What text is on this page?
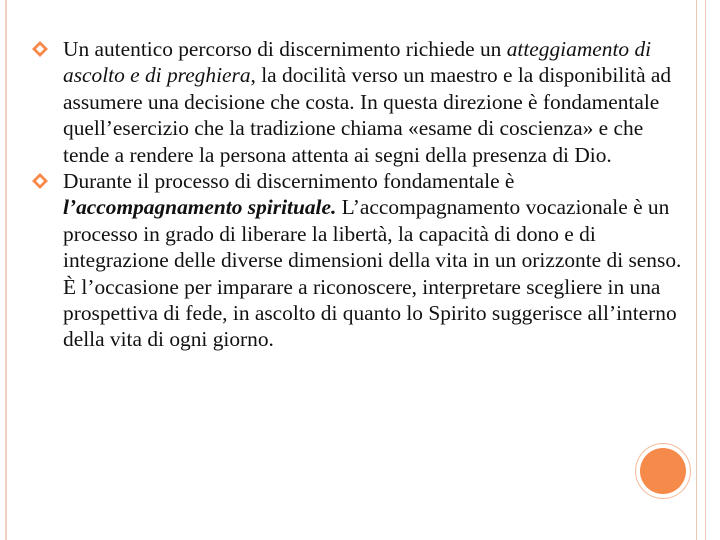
Un autentico percorso di discernimento richiede un atteggiamento di ascolto e di preghiera, la docilità verso un maestro e la disponibilità ad assumere una decisione che costa. In questa direzione è fondamentale quell’esercizio che la tradizione chiama «esame di coscienza» e che tende a rendere la persona attenta ai segni della presenza di Dio.

Durante il processo di discernimento fondamentale è l’accompagnamento spirituale. L’accompagnamento vocazionale è un processo in grado di liberare la libertà, la capacità di dono e di integrazione delle diverse dimensioni della vita in un orizzonte di senso. È l’occasione per imparare a riconoscere, interpretare scegliere in una prospettiva di fede, in ascolto di quanto lo Spirito suggerisce all’interno della vita di ogni giorno.
